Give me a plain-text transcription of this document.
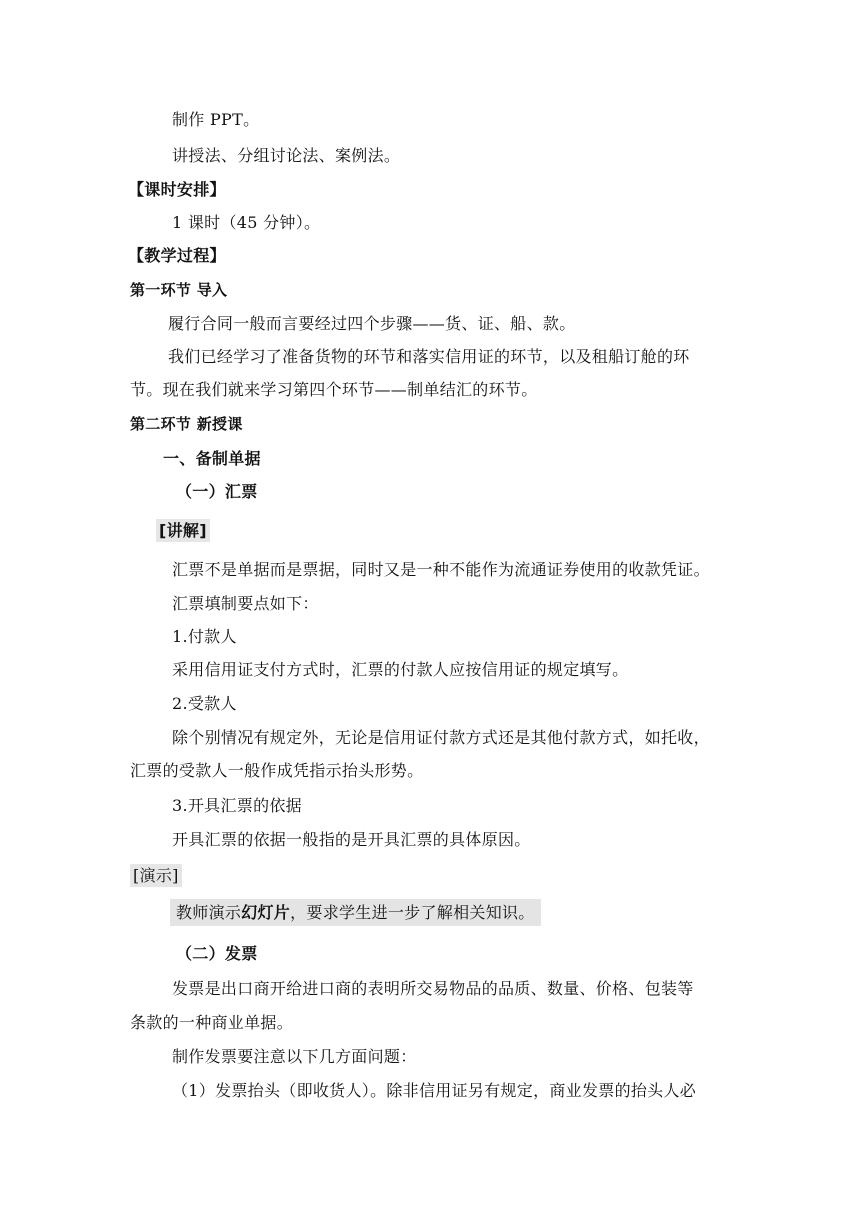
制作 PPT。
讲授法、分组讨论法、案例法。
【课时安排】
1 课时（45 分钟）。
【教学过程】
第一环节 导入
履行合同一般而言要经过四个步骤——货、证、船、款。
我们已经学习了准备货物的环节和落实信用证的环节，以及租船订舱的环
节。现在我们就来学习第四个环节——制单结汇的环节。
第二环节 新授课
一、备制单据
（一）汇票
[讲解]
汇票不是单据而是票据，同时又是一种不能作为流通证券使用的收款凭证。
汇票填制要点如下：
1.付款人
采用信用证支付方式时，汇票的付款人应按信用证的规定填写。
2.受款人
除个别情况有规定外，无论是信用证付款方式还是其他付款方式，如托收，
汇票的受款人一般作成凭指示抬头形势。
3.开具汇票的依据
开具汇票的依据一般指的是开具汇票的具体原因。
[演示]
教师演示幻灯片，要求学生进一步了解相关知识。
（二）发票
发票是出口商开给进口商的表明所交易物品的品质、数量、价格、包装等
条款的一种商业单据。
制作发票要注意以下几方面问题：
（1）发票抬头（即收货人）。除非信用证另有规定，商业发票的抬头人必
